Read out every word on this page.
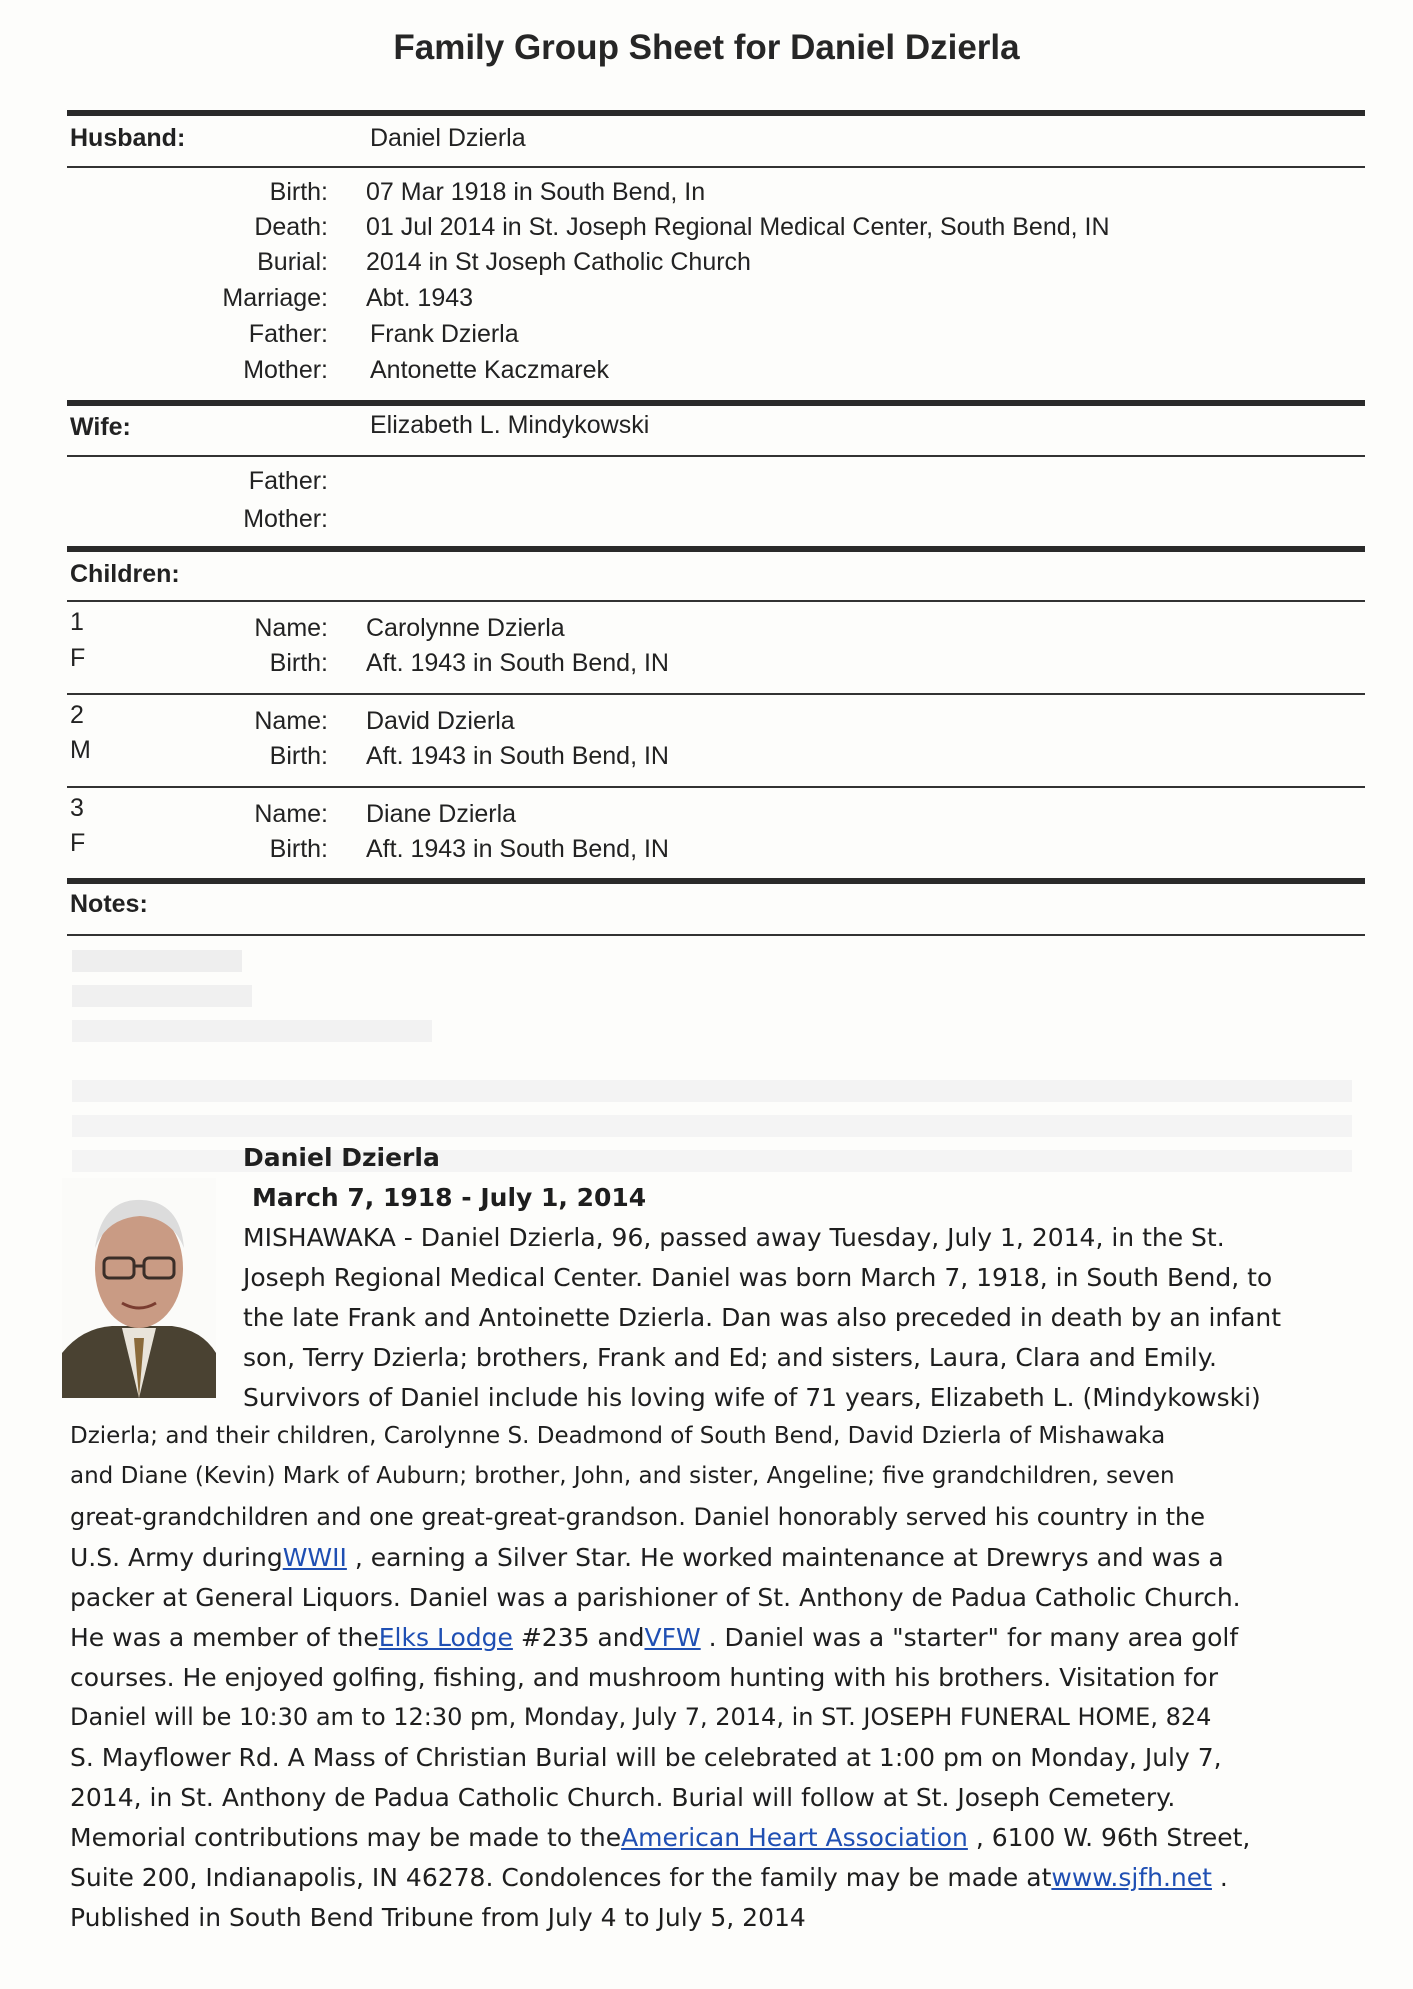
Family Group Sheet for Daniel Dzierla
Husband:	Daniel Dzierla
Birth: 07 Mar 1918 in South Bend, In
Death: 01 Jul 2014 in St. Joseph Regional Medical Center, South Bend, IN
Burial: 2014 in St Joseph Catholic Church
Marriage: Abt. 1943
Father: Frank Dzierla
Mother: Antonette Kaczmarek
Wife:	Elizabeth L. Mindykowski
Father:
Mother:
Children:
1
F
Name: Carolynne Dzierla
Birth: Aft. 1943 in South Bend, IN
2
M
Name: David Dzierla
Birth: Aft. 1943 in South Bend, IN
3
F
Name: Diane Dzierla
Birth: Aft. 1943 in South Bend, IN
Notes:
Daniel Dzierla
March 7, 1918 - July 1, 2014
MISHAWAKA - Daniel Dzierla, 96, passed away Tuesday, July 1, 2014, in the St.
Joseph Regional Medical Center. Daniel was born March 7, 1918, in South Bend, to
the late Frank and Antoinette Dzierla. Dan was also preceded in death by an infant
son, Terry Dzierla; brothers, Frank and Ed; and sisters, Laura, Clara and Emily.
Survivors of Daniel include his loving wife of 71 years, Elizabeth L. (Mindykowski)
Dzierla; and their children, Carolynne S. Deadmond of South Bend, David Dzierla of Mishawaka
and Diane (Kevin) Mark of Auburn; brother, John, and sister, Angeline; five grandchildren, seven
great-grandchildren and one great-great-grandson. Daniel honorably served his country in the
U.S. Army duringWWII , earning a Silver Star. He worked maintenance at Drewrys and was a
packer at General Liquors. Daniel was a parishioner of St. Anthony de Padua Catholic Church.
He was a member of theElks Lodge #235 andVFW . Daniel was a "starter" for many area golf
courses. He enjoyed golfing, fishing, and mushroom hunting with his brothers. Visitation for
Daniel will be 10:30 am to 12:30 pm, Monday, July 7, 2014, in ST. JOSEPH FUNERAL HOME, 824
S. Mayflower Rd. A Mass of Christian Burial will be celebrated at 1:00 pm on Monday, July 7,
2014, in St. Anthony de Padua Catholic Church. Burial will follow at St. Joseph Cemetery.
Memorial contributions may be made to theAmerican Heart Association , 6100 W. 96th Street,
Suite 200, Indianapolis, IN 46278. Condolences for the family may be made atwww.sjfh.net .
Published in South Bend Tribune from July 4 to July 5, 2014
